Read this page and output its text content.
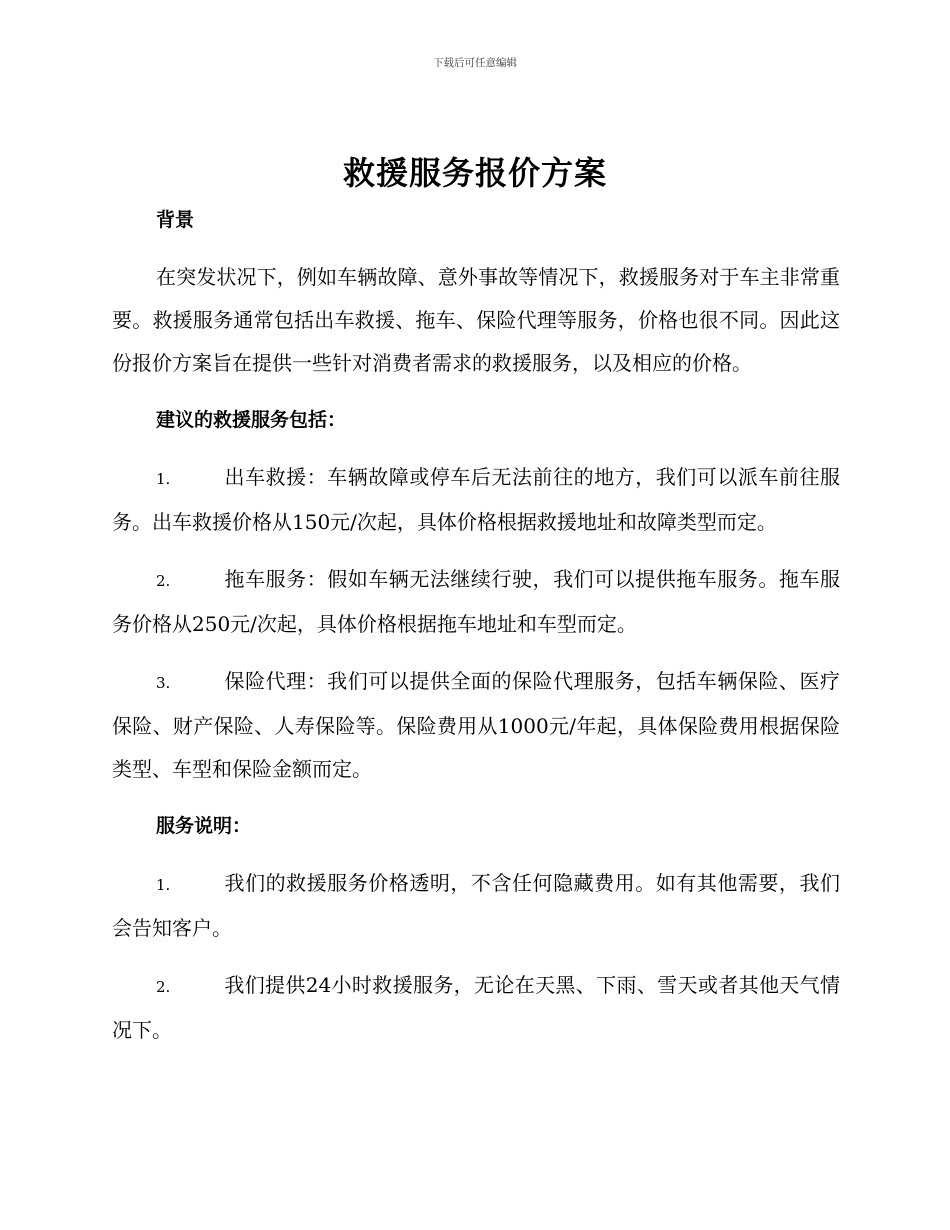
下载后可任意编辑
救援服务报价方案
背景
在突发状况下，例如车辆故障、意外事故等情况下，救援服务对于车主非常重要。救援服务通常包括出车救援、拖车、保险代理等服务，价格也很不同。因此这份报价方案旨在提供一些针对消费者需求的救援服务，以及相应的价格。
建议的救援服务包括：
1.	出车救援：车辆故障或停车后无法前往的地方，我们可以派车前往服务。出车救援价格从150元/次起，具体价格根据救援地址和故障类型而定。
2.	拖车服务：假如车辆无法继续行驶，我们可以提供拖车服务。拖车服务价格从250元/次起，具体价格根据拖车地址和车型而定。
3.	保险代理：我们可以提供全面的保险代理服务，包括车辆保险、医疗保险、财产保险、人寿保险等。保险费用从1000元/年起，具体保险费用根据保险类型、车型和保险金额而定。
服务说明：
1.	我们的救援服务价格透明，不含任何隐藏费用。如有其他需要，我们会告知客户。
2.	我们提供24小时救援服务，无论在天黑、下雨、雪天或者其他天气情况下。
